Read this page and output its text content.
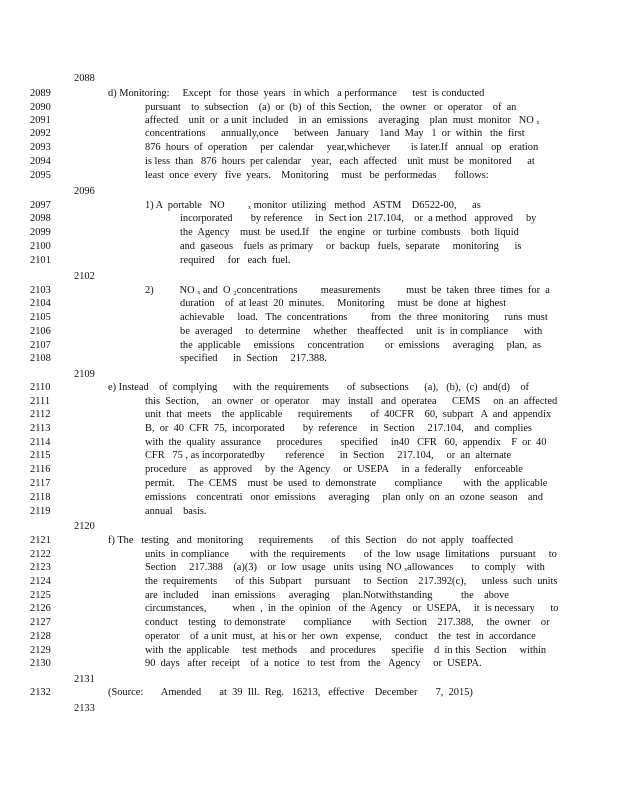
2088
2089	d) Monitoring:     Except   for  those  years   in which   a performance      test  is conducted
2090	pursuant    to  subsection    (a)  or  (b)  of  this Section,    the  owner   or  operator    of  an
2091	affected    unit  or  a unit  included    in  an  emissions    averaging    plan  must  monitor   NO ₓ
2092	concentrations      annually,once      between   January    1and  May   1  or  within   the  first
2093	876  hours  of  operation     per  calendar     year,whichever        is later.If   annual   op   eration
2094	is less  than   876  hours  per calendar    year,   each  affected    unit  must  be  monitored      at
2095	least  once  every   five  years.    Monitoring     must   be  performedas       follows:
2096
2097	1) A  portable   NO         ₓ monitor  utilizing   method   ASTM    D6522-00,      as
2098	incorporated       by reference     in  Sect ion  217.104,    or  a method   approved     by
2099	the  Agency    must  be  used.If    the  engine   or  turbine  combusts    both  liquid
2100	and  gaseous    fuels  as primary     or  backup   fuels,  separate     monitoring      is
2101	required     for   each  fuel.
2102
2103	2)          NO ₓ and  O ₂concentrations         measurements          must  be  taken  three  times  for  a
2104	duration    of  at least  20  minutes.     Monitoring     must  be  done  at  highest
2105	achievable     load.   The  concentrations         from   the  three  monitoring      runs  must
2106	be  averaged     to  determine     whether    theaffected     unit  is  in compliance      with
2107	the  applicable     emissions     concentration        or  emissions     averaging     plan,  as
2108	specified      in  Section     217.388.
2109
2110	e) Instead    of  complying      with  the  requirements       of  subsections      (a),   (b),  (c)  and(d)    of
2111	this  Section,     an  owner   or  operator     may   install   and  operatea      CEMS     on  an  affected
2112	unit  that  meets    the  applicable      requirements       of  40CFR    60,  subpart   A  and  appendix
2113	B,  or  40  CFR  75,  incorporated       by  reference     in  Section     217.104,    and  complies
2114	with  the  quality  assurance      procedures       specified     in40   CFR   60,  appendix    F  or  40
2115	CFR   75 , as incorporatedby        reference      in  Section     217.104,     or  an  alternate
2116	procedure     as  approved     by  the  Agency     or  USEPA     in  a  federally     enforceable
2117	permit.     The  CEMS    must  be  used  to  demonstrate       compliance        with  the  applicable
2118	emissions    concentrati   onor  emissions     averaging     plan  only  on  an  ozone  season    and
2119	annual    basis.
2120
2121	f) The   testing   and  monitoring      requirements       of  this  Section    do  not  apply   toaffected
2122	units  in compliance        with  the  requirements       of  the  low  usage  limitations    pursuant     to
2123	Section     217.388    (a)(3)    or  low  usage   units  using  NO ₓallowances       to  comply    with
2124	the  requirements       of  this  Subpart     pursuant     to  Section    217.392(c),      unless  such  units
2125	are  included     inan  emissions     averaging     plan.Notwithstanding           the    above
2126	circumstances,          when  ,  in  the  opinion   of  the  Agency    or  USEPA,     it  is necessary      to
2127	conduct    testing   to demonstrate       compliance        with  Section    217.388,     the  owner    or
2128	operator    of  a unit  must,  at  his or  her  own   expense,     conduct    the  test  in  accordance
2129	with  the  applicable     test  methods     and  procedures      specifie    d  in this  Section     within
2130	90  days   after  receipt    of  a  notice   to  test  from   the   Agency     or  USEPA.
2131
2132	(Source:       Amended       at  39  Ill.  Reg.   16213,   effective    December       7,  2015)
2133
